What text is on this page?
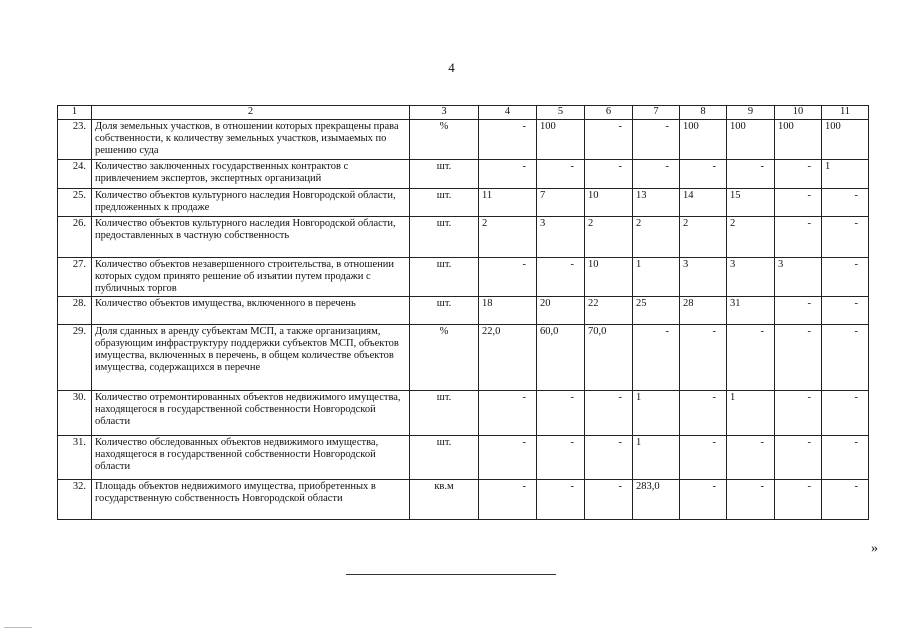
4
1	2	3	4	5	6	7	8	9	10	11
23.	Доля земельных участков, в отношении которых прекращены права собственности, к количеству земельных участков, изымаемых по решению суда	%	-	100	-	-	100	100	100	100
24.	Количество заключенных государственных контрактов с привлечением экспертов, экспертных организаций	шт.	-	-	-	-	-	-	-	1
25.	Количество объектов культурного наследия Новгородской области, предложенных к продаже	шт.	11	7	10	13	14	15	-	-
26.	Количество объектов культурного наследия Новгородской области, предоставленных в частную собственность	шт.	2	3	2	2	2	2	-	-
27.	Количество объектов незавершенного строительства, в отношении которых судом принято решение об изъятии путем продажи с публичных торгов	шт.	-	-	10	1	3	3	3	-
28.	Количество объектов имущества, включенного в перечень	шт.	18	20	22	25	28	31	-	-
29.	Доля сданных в аренду субъектам МСП, а также организациям, образующим инфраструктуру поддержки субъектов МСП, объектов имущества, включенных в перечень, в общем количестве объектов имущества, содержащихся в перечне	%	22,0	60,0	70,0	-	-	-	-	-
30.	Количество отремонтированных объектов недвижимого имущества, находящегося в государственной собственности Новгородской области	шт.	-	-	-	1	-	1	-	-
31.	Количество обследованных объектов недвижимого имущества, находящегося в государственной собственности Новгородской области	шт.	-	-	-	1	-	-	-	-
32.	Площадь объектов недвижимого имущества, приобретенных в государственную собственность Новгородской области	кв.м	-	-	-	283,0	-	-	-	-
»
